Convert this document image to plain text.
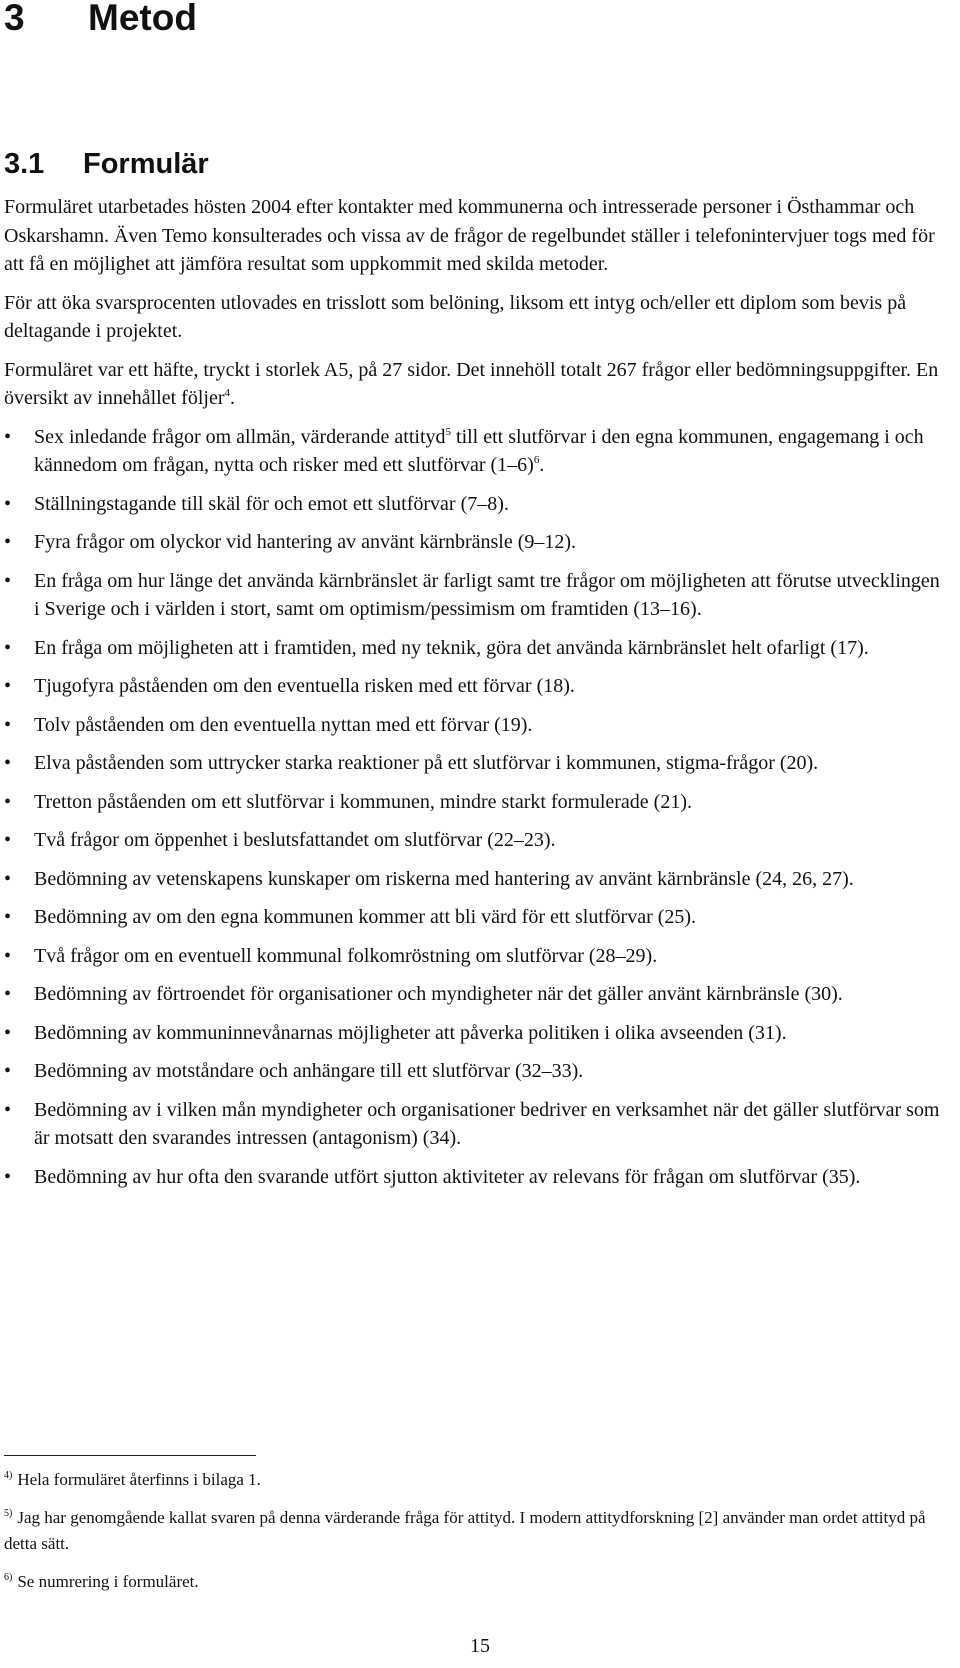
3 Metod
3.1 Formulär

Formuläret utarbetades hösten 2004 efter kontakter med kommunerna och intresserade personer i Östhammar och Oskarshamn. Även Temo konsulterades och vissa av de frågor de regelbundet ställer i telefonintervjuer togs med för att få en möjlighet att jämföra resultat som uppkommit med skilda metoder.

För att öka svarsprocenten utlovades en trisslott som belöning, liksom ett intyg och/eller ett diplom som bevis på deltagande i projektet.

Formuläret var ett häfte, tryckt i storlek A5, på 27 sidor. Det innehöll totalt 267 frågor eller bedömningsuppgifter. En översikt av innehållet följer$^4$.

• Sex inledande frågor om allmän, värderande attityd$^5$ till ett slutförvar i den egna kommunen, engagemang i och kännedom om frågan, nytta och risker med ett slutförvar $(1-6)^6$.
• Ställningstagande till skäl för och emot ett slutförvar (7–8).
• Fyra frågor om olyckor vid hantering av använt kärnbränsle (9–12).
• En fråga om hur länge det använda kärnbränslet är farligt samt tre frågor om möjligheten att förutse utvecklingen i Sverige och i världen i stort, samt om optimism/pessimism om framtiden (13–16).
• En fråga om möjligheten att i framtiden, med ny teknik, göra det använda kärnbränslet helt ofarligt (17).
• Tjugofyra påståenden om den eventuella risken med ett förvar (18).
• Tolv påståenden om den eventuella nyttan med ett förvar (19).
• Elva påståenden som uttrycker starka reaktioner på ett slutförvar i kommunen, stigma-frågor (20).
• Tretton påståenden om ett slutförvar i kommunen, mindre starkt formulerade (21).
• Två frågor om öppenhet i beslutsfattandet om slutförvar (22–23).
• Bedömning av vetenskapens kunskaper om riskerna med hantering av använt kärnbränsle (24, 26, 27).
• Bedömning av om den egna kommunen kommer att bli värd för ett slutförvar (25).
• Två frågor om en eventuell kommunal folkomröstning om slutförvar (28–29).
• Bedömning av förtroendet för organisationer och myndigheter när det gäller använt kärnbränsle (30).
• Bedömning av kommuninnevånarnas möjligheter att påverka politiken i olika avseenden (31).
• Bedömning av motståndare och anhängare till ett slutförvar (32–33).
• Bedömning av i vilken mån myndigheter och organisationer bedriver en verksamhet när det gäller slutförvar som är motsatt den svarandes intressen (antagonism) (34).
• Bedömning av hur ofta den svarande utfört sjutton aktiviteter av relevans för frågan om slutförvar (35).

$^{4)}$ Hela formuläret återfinns i bilaga 1.

$^{5)}$ Jag har genomgående kallat svaren på denna värderande fråga för attityd. I modern attitydforskning [2] använder man ordet attityd på detta sätt.

$^{6)}$ Se numrering i formuläret.

15
